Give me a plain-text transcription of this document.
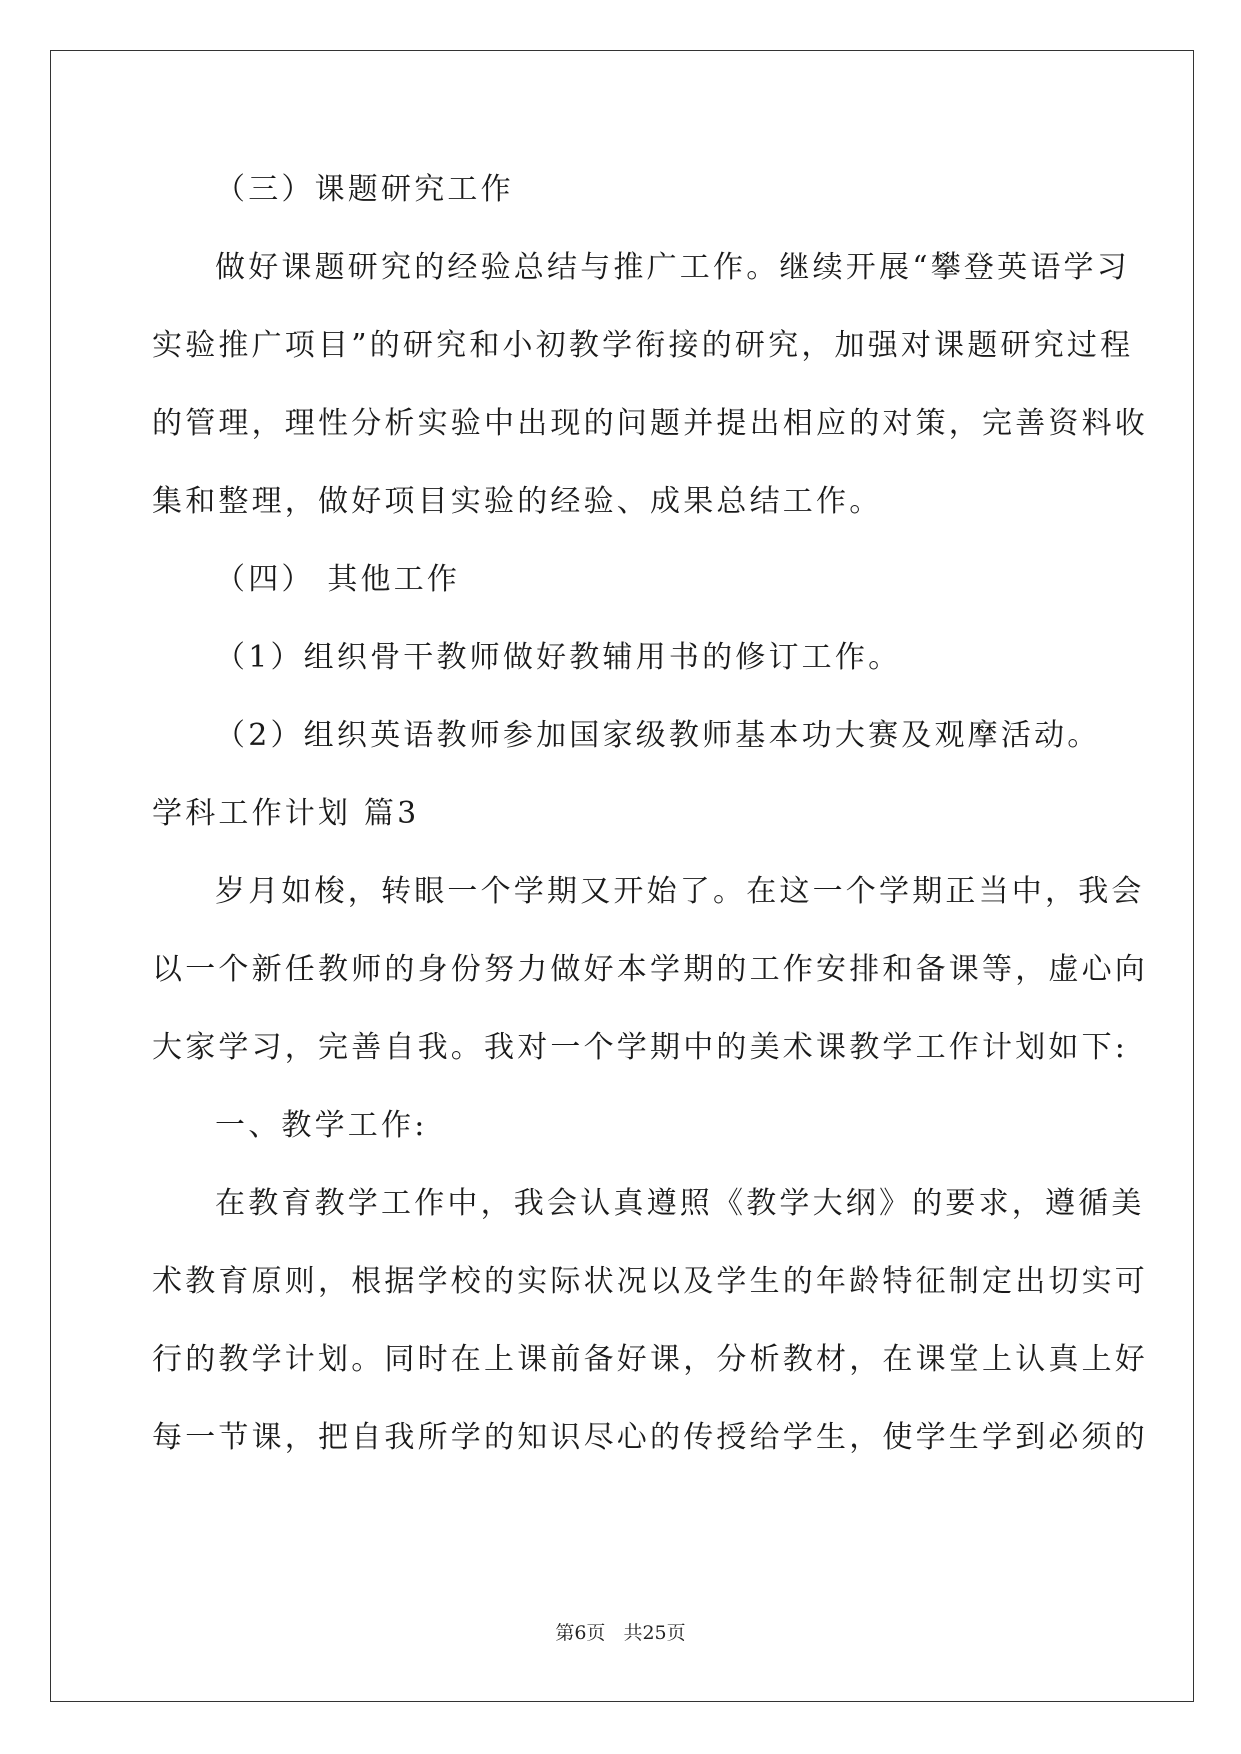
（三）课题研究工作
做好课题研究的经验总结与推广工作。继续开展“攀登英语学习
实验推广项目”的研究和小初教学衔接的研究，加强对课题研究过程
的管理，理性分析实验中出现的问题并提出相应的对策，完善资料收
集和整理，做好项目实验的经验、成果总结工作。
（四） 其他工作
（1）组织骨干教师做好教辅用书的修订工作。
（2）组织英语教师参加国家级教师基本功大赛及观摩活动。
学科工作计划 篇3
岁月如梭，转眼一个学期又开始了。在这一个学期正当中，我会
以一个新任教师的身份努力做好本学期的工作安排和备课等，虚心向
大家学习，完善自我。我对一个学期中的美术课教学工作计划如下:
一、教学工作:
在教育教学工作中，我会认真遵照《教学大纲》的要求，遵循美
术教育原则，根据学校的实际状况以及学生的年龄特征制定出切实可
行的教学计划。同时在上课前备好课，分析教材，在课堂上认真上好
每一节课，把自我所学的知识尽心的传授给学生，使学生学到必须的
第6页 共25页
